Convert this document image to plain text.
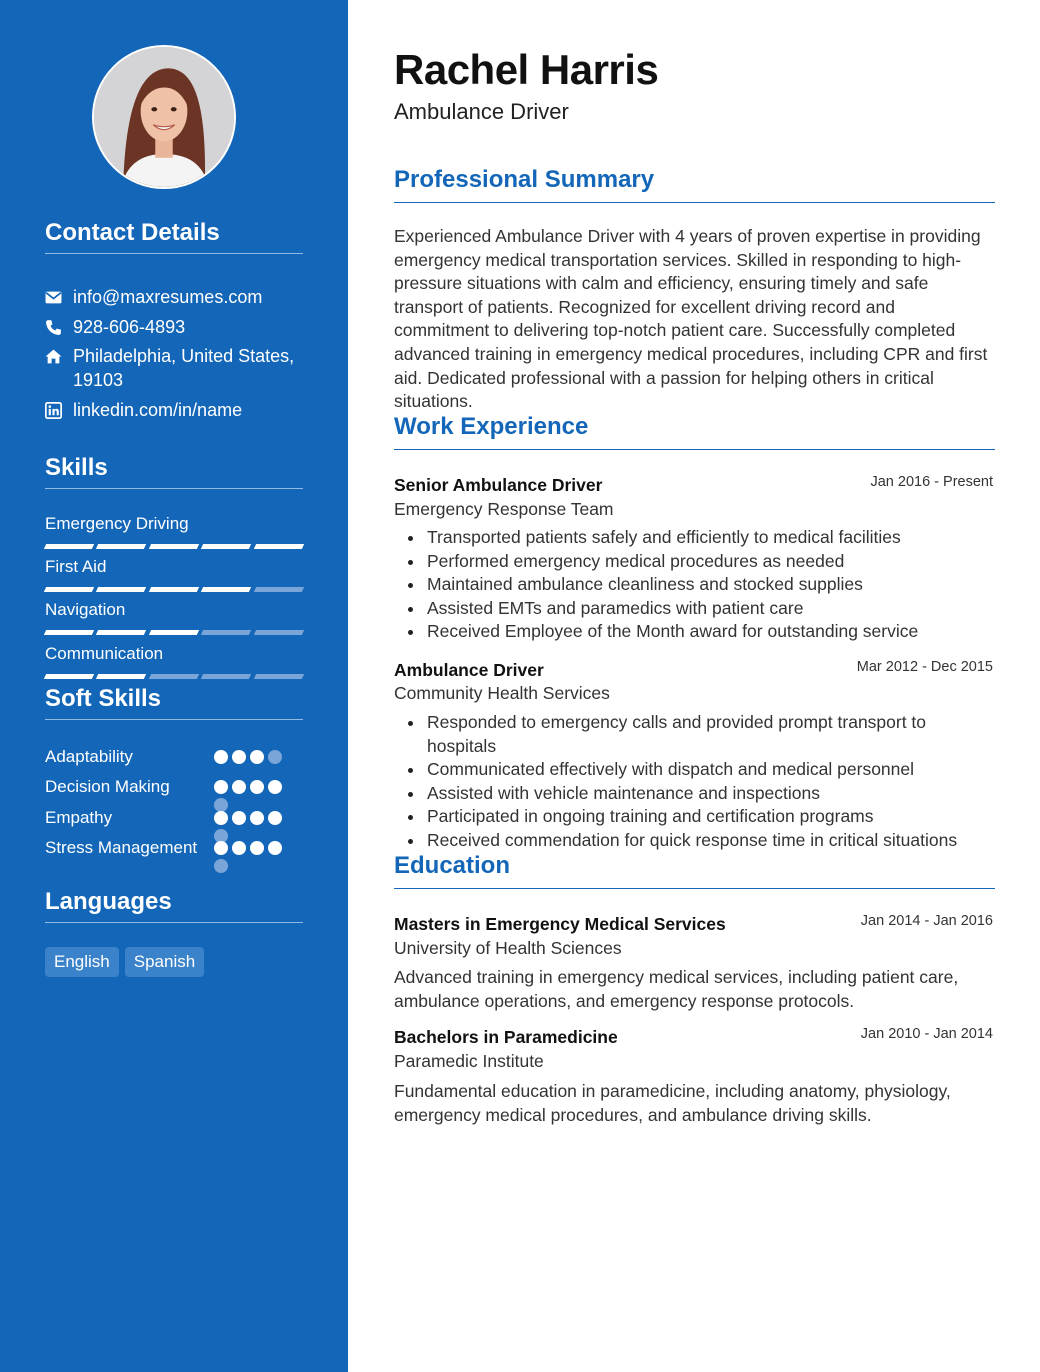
Contact Details
info@maxresumes.com
928-606-4893
Philadelphia, United States,
19103
linkedin.com/in/name
Skills
Emergency Driving
First Aid
Navigation
Communication
Soft Skills
Adaptability
Decision Making
Empathy
Stress Management
Languages
English	Spanish
Rachel Harris
Ambulance Driver
Professional Summary
Experienced Ambulance Driver with 4 years of proven expertise in providing emergency medical transportation services. Skilled in responding to high-pressure situations with calm and efficiency, ensuring timely and safe transport of patients. Recognized for excellent driving record and commitment to delivering top-notch patient care. Successfully completed advanced training in emergency medical procedures, including CPR and first aid. Dedicated professional with a passion for helping others in critical situations.
Work Experience
Senior Ambulance Driver	Jan 2016 - Present
Emergency Response Team
Transported patients safely and efficiently to medical facilities
Performed emergency medical procedures as needed
Maintained ambulance cleanliness and stocked supplies
Assisted EMTs and paramedics with patient care
Received Employee of the Month award for outstanding service
Ambulance Driver	Mar 2012 - Dec 2015
Community Health Services
Responded to emergency calls and provided prompt transport to hospitals
Communicated effectively with dispatch and medical personnel
Assisted with vehicle maintenance and inspections
Participated in ongoing training and certification programs
Received commendation for quick response time in critical situations
Education
Masters in Emergency Medical Services	Jan 2014 - Jan 2016
University of Health Sciences
Advanced training in emergency medical services, including patient care, ambulance operations, and emergency response protocols.
Bachelors in Paramedicine	Jan 2010 - Jan 2014
Paramedic Institute
Fundamental education in paramedicine, including anatomy, physiology, emergency medical procedures, and ambulance driving skills.
